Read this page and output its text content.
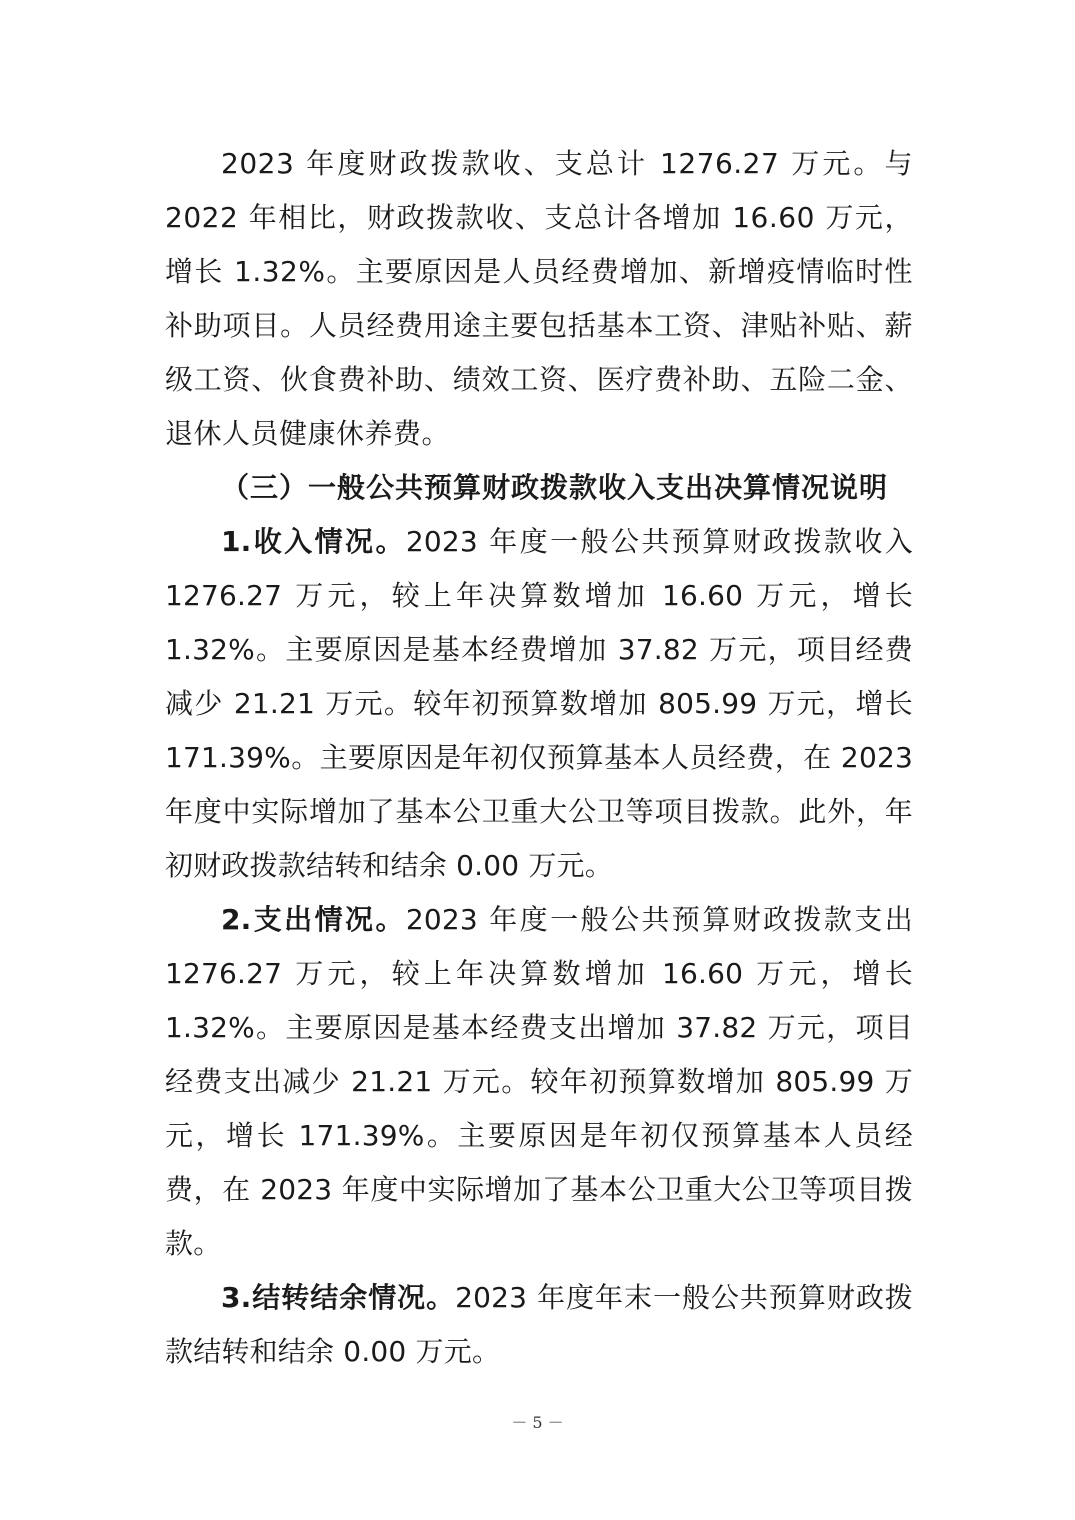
2023 年度财政拨款收、支总计 1276.27 万元。与 2022 年相比，财政拨款收、支总计各增加 16.60 万元，增长 1.32%。主要原因是人员经费增加、新增疫情临时性补助项目。人员经费用途主要包括基本工资、津贴补贴、薪级工资、伙食费补助、绩效工资、医疗费补助、五险二金、退休人员健康休养费。

（三）一般公共预算财政拨款收入支出决算情况说明

1.收入情况。2023 年度一般公共预算财政拨款收入 1276.27 万元，较上年决算数增加 16.60 万元，增长 1.32%。主要原因是基本经费增加 37.82 万元，项目经费减少 21.21 万元。较年初预算数增加 805.99 万元，增长 171.39%。主要原因是年初仅预算基本人员经费，在 2023 年度中实际增加了基本公卫重大公卫等项目拨款。此外，年初财政拨款结转和结余 0.00 万元。

2.支出情况。2023 年度一般公共预算财政拨款支出 1276.27 万元，较上年决算数增加 16.60 万元，增长 1.32%。主要原因是基本经费支出增加 37.82 万元，项目经费支出减少 21.21 万元。较年初预算数增加 805.99 万元，增长 171.39%。主要原因是年初仅预算基本人员经费，在 2023 年度中实际增加了基本公卫重大公卫等项目拨款。

3.结转结余情况。2023 年度年末一般公共预算财政拨款结转和结余 0.00 万元。

－ 5 －
